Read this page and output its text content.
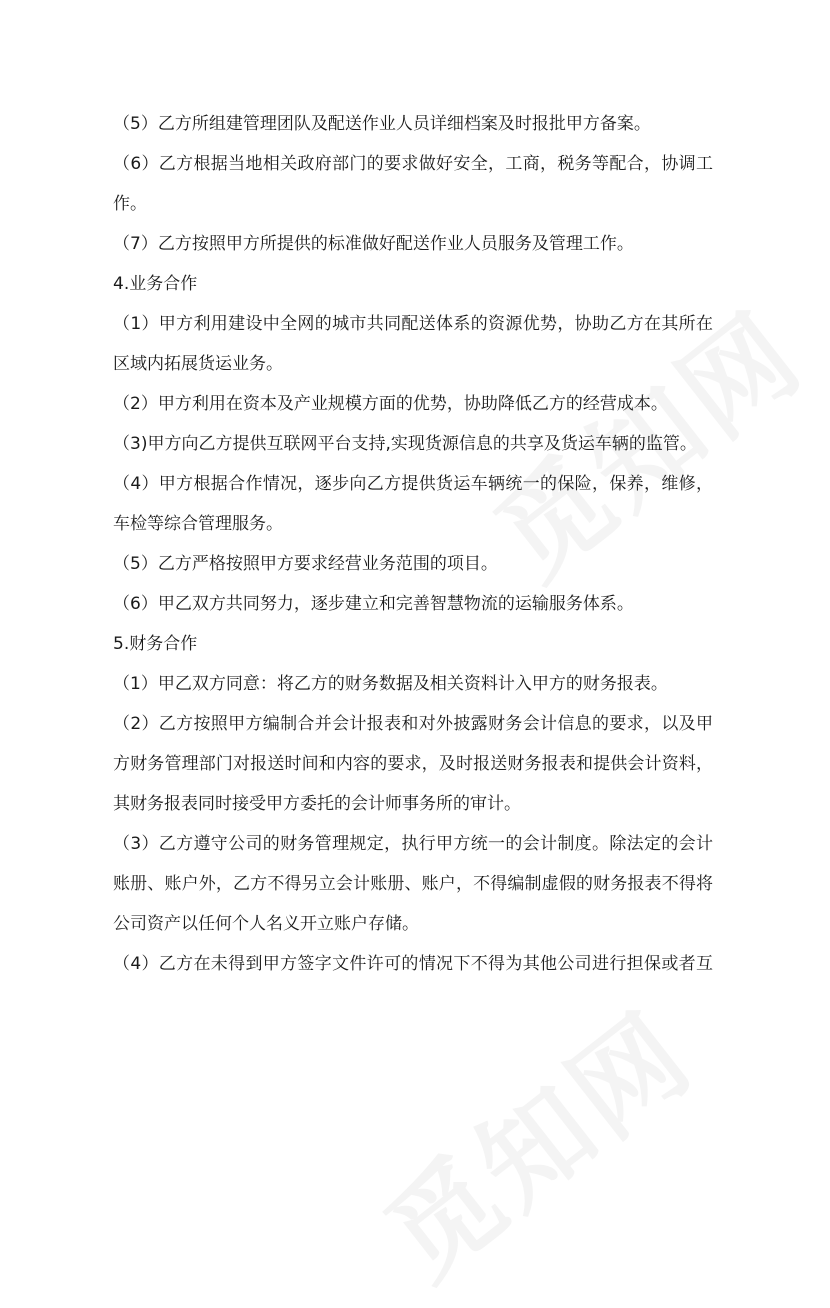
（5）乙方所组建管理团队及配送作业人员详细档案及时报批甲方备案。
（6）乙方根据当地相关政府部门的要求做好安全，工商，税务等配合，协调工
作。
（7）乙方按照甲方所提供的标准做好配送作业人员服务及管理工作。
4.业务合作
（1）甲方利用建设中全网的城市共同配送体系的资源优势，协助乙方在其所在
区域内拓展货运业务。
（2）甲方利用在资本及产业规模方面的优势，协助降低乙方的经营成本。
（3)甲方向乙方提供互联网平台支持,实现货源信息的共享及货运车辆的监管。
（4）甲方根据合作情况，逐步向乙方提供货运车辆统一的保险，保养，维修，
车检等综合管理服务。
（5）乙方严格按照甲方要求经营业务范围的项目。
（6）甲乙双方共同努力，逐步建立和完善智慧物流的运输服务体系。
5.财务合作
（1）甲乙双方同意：将乙方的财务数据及相关资料计入甲方的财务报表。
（2）乙方按照甲方编制合并会计报表和对外披露财务会计信息的要求，以及甲
方财务管理部门对报送时间和内容的要求，及时报送财务报表和提供会计资料，
其财务报表同时接受甲方委托的会计师事务所的审计。
（3）乙方遵守公司的财务管理规定，执行甲方统一的会计制度。除法定的会计
账册、账户外，乙方不得另立会计账册、账户，不得编制虚假的财务报表不得将
公司资产以任何个人名义开立账户存储。
（4）乙方在未得到甲方签字文件许可的情况下不得为其他公司进行担保或者互
